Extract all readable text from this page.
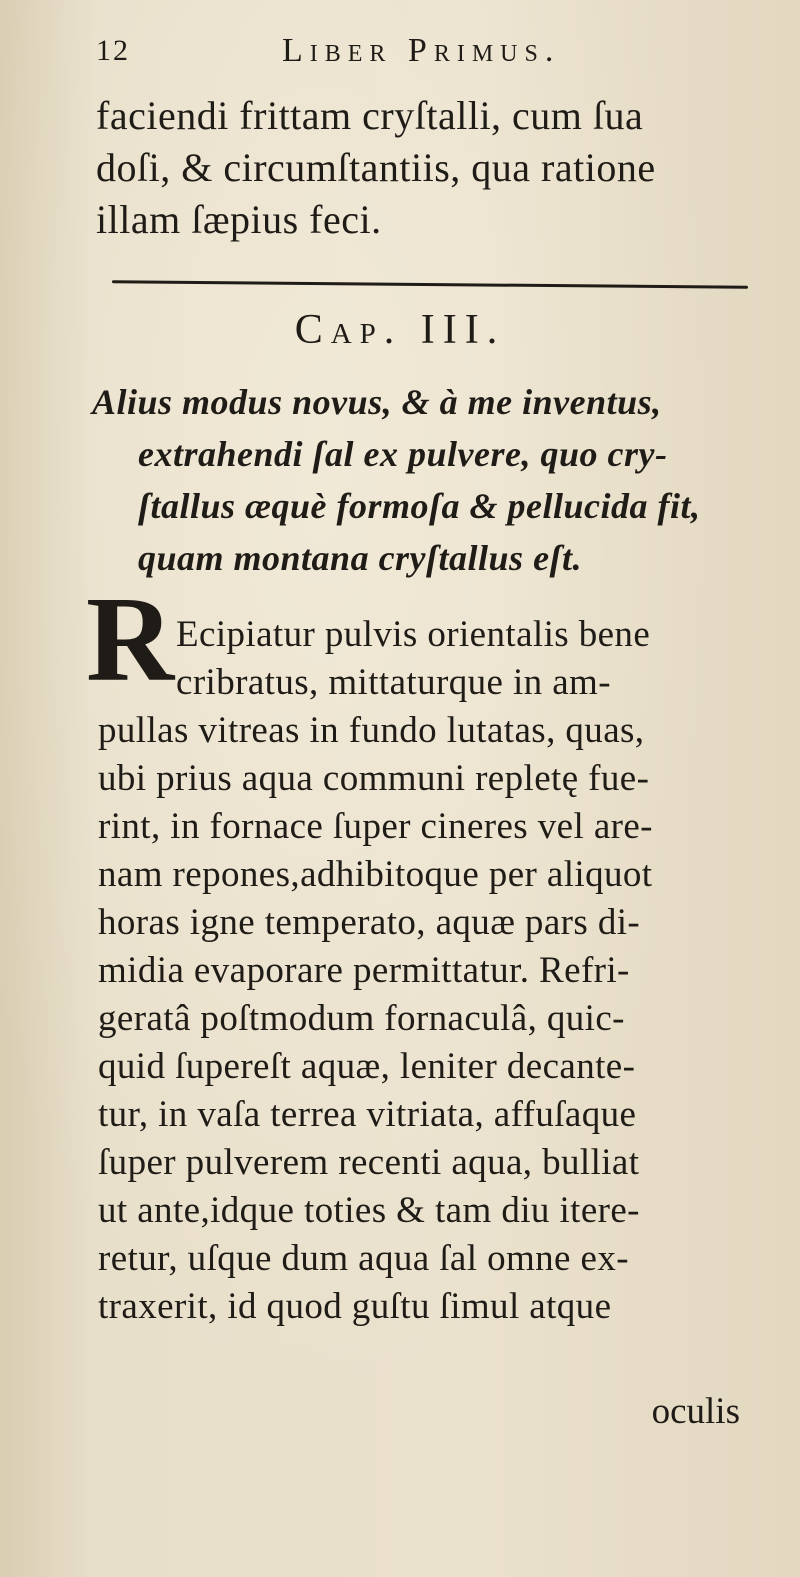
12	Liber Primus.
faciendi frittam cryſtalli, cum ſua
doſi, & circumſtantiis, qua ratione
illam ſæpius feci.
Cap. III.
Alius modus novus, & à me inventus,
extrahendi ſal ex pulvere, quo cry-
ſtallus æquè formoſa & pellucida fit,
quam montana cryſtallus eſt.
R Ecipiatur pulvis orientalis bene
cribratus, mittaturque in am-
pullas vitreas in fundo lutatas, quas,
ubi prius aqua communi repletę fue-
rint, in fornace ſuper cineres vel are-
nam repones,adhibitoque per aliquot
horas igne temperato, aquæ pars di-
midia evaporare permittatur. Refri-
geratâ poſtmodum fornaculâ, quic-
quid ſupereſt aquæ, leniter decante-
tur, in vaſa terrea vitriata, affuſaque
ſuper pulverem recenti aqua, bulliat
ut ante,idque toties & tam diu itere-
retur, uſque dum aqua ſal omne ex-
traxerit, id quod guſtu ſimul atque
oculis
